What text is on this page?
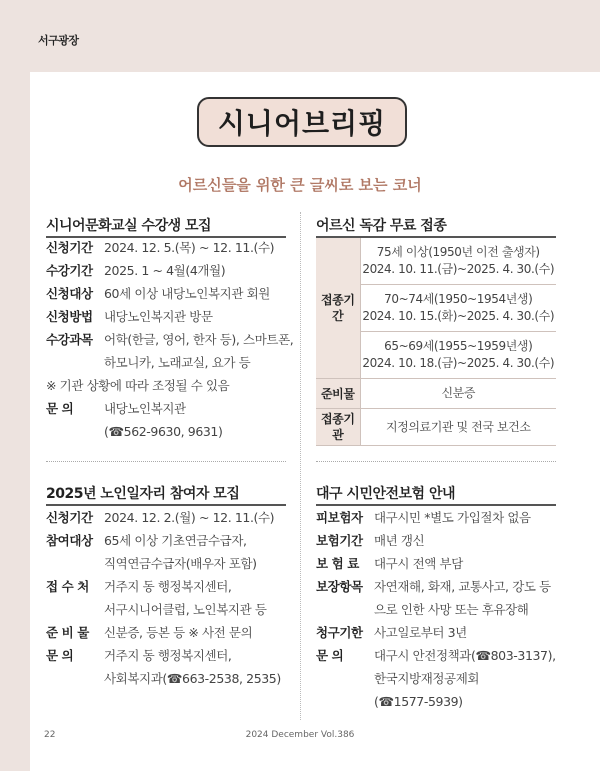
서구광장
시니어브리핑
어르신들을 위한 큰 글씨로 보는 코너
시니어문화교실 수강생 모집
신청기간 2024. 12. 5.(목) ~ 12. 11.(수)
수강기간 2025. 1 ~ 4월(4개월)
신청대상 60세 이상 내당노인복지관 회원
신청방법 내당노인복지관 방문
수강과목 어학(한글, 영어, 한자 등), 스마트폰,
하모니카, 노래교실, 요가 등
※ 기관 상황에 따라 조정될 수 있음
문 의 내당노인복지관
(☎562-9630, 9631)
어르신 독감 무료 접종
접종기간	75세 이상(1950년 이전 출생자)
2024. 10. 11.(금)~2025. 4. 30.(수)

	70~74세(1950~1954년생)
2024. 10. 15.(화)~2025. 4. 30.(수)

	65~69세(1955~1959년생)
2024. 10. 18.(금)~2025. 4. 30.(수)

준비물	신분증
접종기관	지정의료기관 및 전국 보건소
2025년 노인일자리 참여자 모집
신청기간 2024. 12. 2.(월) ~ 12. 11.(수)
참여대상 65세 이상 기초연금수급자,
직역연금수급자(배우자 포함)
접 수 처 거주지 동 행정복지센터,
서구시니어클럽, 노인복지관 등
준 비 물 신분증, 등본 등 ※ 사전 문의
문 의 거주지 동 행정복지센터,
사회복지과(☎663-2538, 2535)
대구 시민안전보험 안내
피보험자 대구시민 *별도 가입절차 없음
보험기간 매년 갱신
보 험 료 대구시 전액 부담
보장항목 자연재해, 화재, 교통사고, 강도 등
으로 인한 사망 또는 후유장해
청구기한 사고일로부터 3년
문 의 대구시 안전정책과(☎803-3137),
한국지방재정공제회
(☎1577-5939)
22	2024 December Vol.386
